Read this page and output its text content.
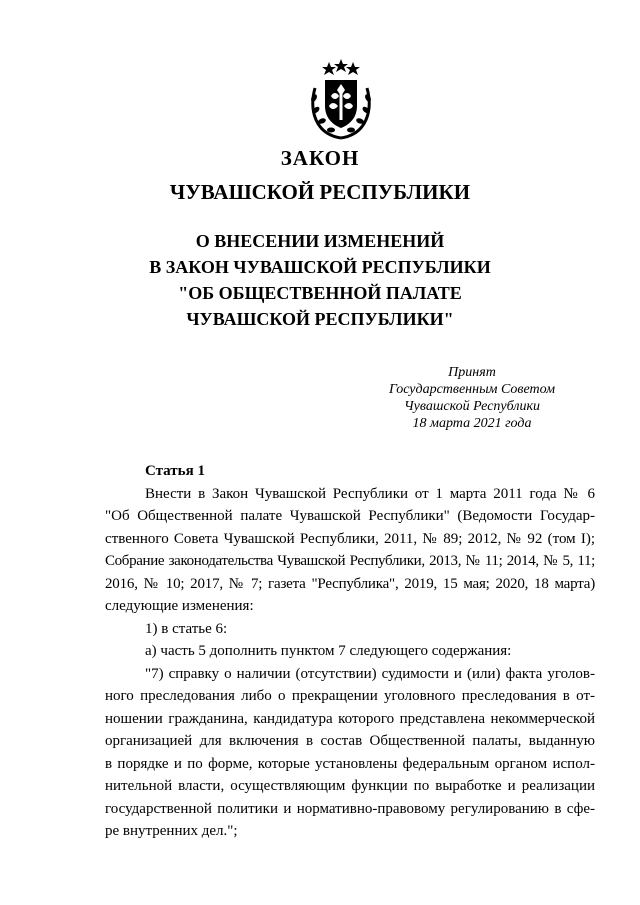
ЗАКОН
ЧУВАШСКОЙ РЕСПУБЛИКИ
О ВНЕСЕНИИ ИЗМЕНЕНИЙ
В ЗАКОН ЧУВАШСКОЙ РЕСПУБЛИКИ
"ОБ ОБЩЕСТВЕННОЙ ПАЛАТЕ
ЧУВАШСКОЙ РЕСПУБЛИКИ"
Принят
Государственным Советом
Чувашской Республики
18 марта 2021 года
Статья 1
Внести в Закон Чувашской Республики от 1 марта 2011 года № 6
"Об Общественной палате Чувашской Республики" (Ведомости Государ-
ственного Совета Чувашской Республики, 2011, № 89; 2012, № 92 (том I);
Собрание законодательства Чувашской Республики, 2013, № 11; 2014, № 5, 11;
2016, № 10; 2017, № 7; газета "Республика", 2019, 15 мая; 2020, 18 марта)
следующие изменения:
1) в статье 6:
а) часть 5 дополнить пунктом 7 следующего содержания:
"7) справку о наличии (отсутствии) судимости и (или) факта уголов-
ного преследования либо о прекращении уголовного преследования в от-
ношении гражданина, кандидатура которого представлена некоммерческой
организацией для включения в состав Общественной палаты, выданную
в порядке и по форме, которые установлены федеральным органом испол-
нительной власти, осуществляющим функции по выработке и реализации
государственной политики и нормативно-правовому регулированию в сфе-
ре внутренних дел.";
